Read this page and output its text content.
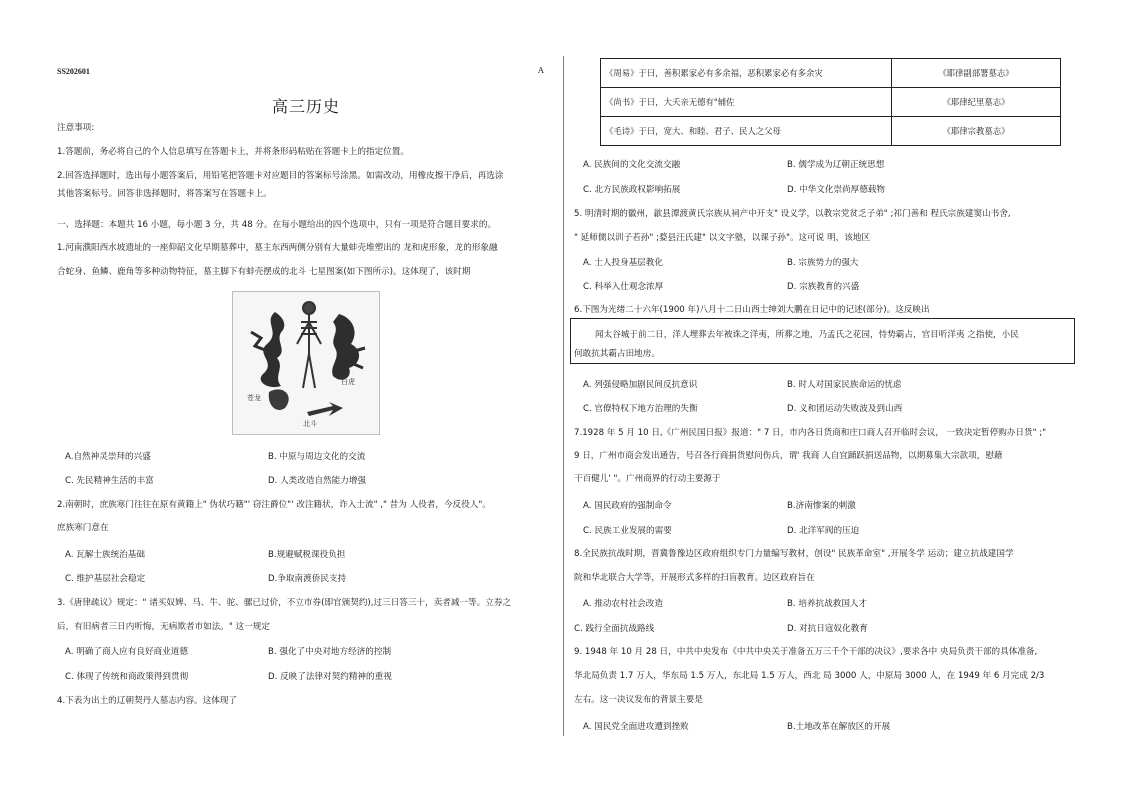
SS202601	A
高三历史
注意事项:
1.答题前，务必将自己的个人信息填写在答题卡上，并将条形码粘贴在答题卡上的指定位置。
2.回答选择题时，选出每小题答案后，用铅笔把答题卡对应题目的答案标号涂黑。如需改动，用橡皮擦干净后，再选涂
其他答案标号。回答非选择题时，将答案写在答题卡上。
一、选择题：本题共 16 小题，每小题 3 分，共 48 分。在每小题给出的四个选项中，只有一项是符合题目要求的。
1.河南濮阳西水坡遗址的一座仰韶文化早期墓葬中，墓主东西两侧分别有大量蚌壳堆塑出的 龙和虎形象，龙的形象融
合蛇身、鱼鳞、鹿角等多种动物特征，墓主脚下有蚌壳摆成的北斗 七星图案(如下图所示)。这体现了，该时期
苍龙
白虎
北斗
A.自然神灵崇拜的兴盛	B. 中原与周边文化的交流
C. 先民精神生活的丰富	D. 人类改造自然能力增强
2.南朝时，庶族寒门往往在原有黄籍上" 伪状巧籍"' 窃注爵位"' 改注籍状，诈入士流" ," 昔为 人役者，今反役人"。
庶族寒门意在
A. 瓦解士族统治基础	B.规避赋税课役负担
C. 维护基层社会稳定	D.争取南渡侨民支持
3.《唐律疏议》规定：" 诸买奴婢、马、牛、驼、骡已过价，不立市券(即官颁契约),过三日答三十，卖者减一等。立券之
后，有旧病者三日内听悔，无病欺者市如法。" 这一规定
A. 明确了商人应有良好商业道德	B. 强化了中央对地方经济的控制
C. 体现了传统和商政策得到贯彻	D. 反映了法律对契约精神的重视
4.下表为出土的辽朝契丹人墓志内容。这体现了
《周易》于曰，善积累家必有多余福，恶积累家必有多余灾	《耶律副部署墓志》
《尚书》于曰，大夭亲无德有"辅佐	《耶律纪里墓志》
《毛诗》于曰，宽大、和睦、君子、民人之父母	《耶律宗教墓志》
A. 民族间的文化交流交融	B. 儒学成为辽朝正统思想
C. 北方民族政权影响拓展	D. 中华文化崇尚厚德载物
5. 明清时期的徽州，歙县潭渡黄氏宗族从祠产中开支" 设义学，以教宗党贫乏子弟" ;祁门善和 程氏宗族建窦山书舍,
" 延师儒以训子若孙" ;婺县汪氏建" 以文字塾，以课子孙"。这可说 明，该地区
A. 士人投身基层教化	B. 宗族势力的强大
C. 科举入仕观念浓厚	D. 宗族教育的兴盛
6.下图为光绪二十六年(1900 年)八月十二日山西士绅刘大鹏在日记中的记述(部分)。这反映出
闻太谷城于前二日，洋人埋葬去年被诛之洋夷，所葬之地，乃孟氏之花园，恃势霸占，官目听洋夷 之指使，小民
何敢抗其霸占田地房。
A. 列强侵略加剧民间反抗意识	B. 时人对国家民族命运的忧虑
C. 官僚特权下地方治理的失衡	D. 义和团运动失败波及到山西
7.1928 年 5 月 10 日,《广州民国日报》报道：" 7 日，市内各日货商和庄口商人召开临时会议， 一致决定暂停购办日货" ;"
9 日，广州市商会发出通告，号召各行商捐货慰问伤兵，谓' 我商 人自宜踊跃捐送品物，以期募集大宗款项，慰藉
干百健儿' "。广州商界的行动主要源于
A. 国民政府的强制命令	B.济南惨案的刺激
C. 民族工业发展的需要	D. 北洋军阀的压迫
8.全民族抗战时期，晋冀鲁豫边区政府组织专门力量编写教材，创设" 民族革命室" ,开展冬学 运动；建立抗战建国学
院和华北联合大学等，开展形式多样的扫盲教育。边区政府旨在
A. 推动农村社会改造	B. 培养抗战救国人才
C. 践行全面抗战路线	D. 对抗日寇奴化教育
9. 1948 年 10 月 28 日，中共中央发布《中共中央关于准备五万三千个干部的决议》,要求各中 央局负责干部的具体准备,
华北局负责 1.7 万人，华东局 1.5 万人，东北局 1.5 万人，西北 局 3000 人，中原局 3000 人，在 1949 年 6 月完成 2/3
左右。这一决议发布的背景主要是
A. 国民党全面进攻遭到挫败	B.土地改革在解放区的开展
